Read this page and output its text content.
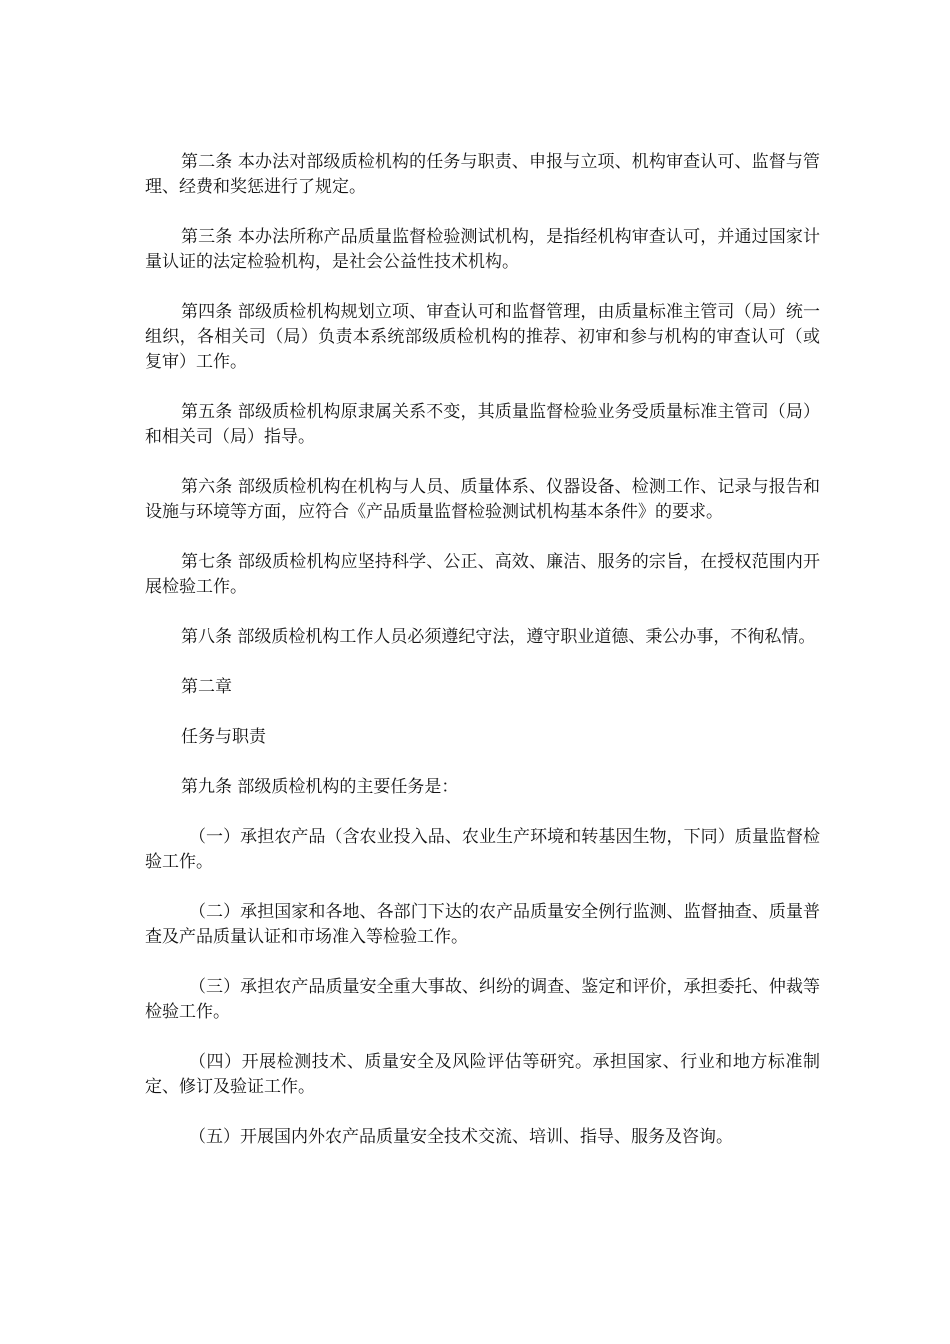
第二条 本办法对部级质检机构的任务与职责、申报与立项、机构审查认可、监督与管理、经费和奖惩进行了规定。

第三条 本办法所称产品质量监督检验测试机构，是指经机构审查认可，并通过国家计量认证的法定检验机构，是社会公益性技术机构。

第四条 部级质检机构规划立项、审查认可和监督管理，由质量标准主管司（局）统一组织，各相关司（局）负责本系统部级质检机构的推荐、初审和参与机构的审查认可（或复审）工作。

第五条 部级质检机构原隶属关系不变，其质量监督检验业务受质量标准主管司（局）和相关司（局）指导。

第六条 部级质检机构在机构与人员、质量体系、仪器设备、检测工作、记录与报告和设施与环境等方面，应符合《产品质量监督检验测试机构基本条件》的要求。

第七条 部级质检机构应坚持科学、公正、高效、廉洁、服务的宗旨，在授权范围内开展检验工作。

第八条 部级质检机构工作人员必须遵纪守法，遵守职业道德、秉公办事，不徇私情。

第二章

任务与职责

第九条 部级质检机构的主要任务是：

（一）承担农产品（含农业投入品、农业生产环境和转基因生物，下同）质量监督检验工作。

（二）承担国家和各地、各部门下达的农产品质量安全例行监测、监督抽查、质量普查及产品质量认证和市场准入等检验工作。

（三）承担农产品质量安全重大事故、纠纷的调查、鉴定和评价，承担委托、仲裁等检验工作。

（四）开展检测技术、质量安全及风险评估等研究。承担国家、行业和地方标准制定、修订及验证工作。

（五）开展国内外农产品质量安全技术交流、培训、指导、服务及咨询。
